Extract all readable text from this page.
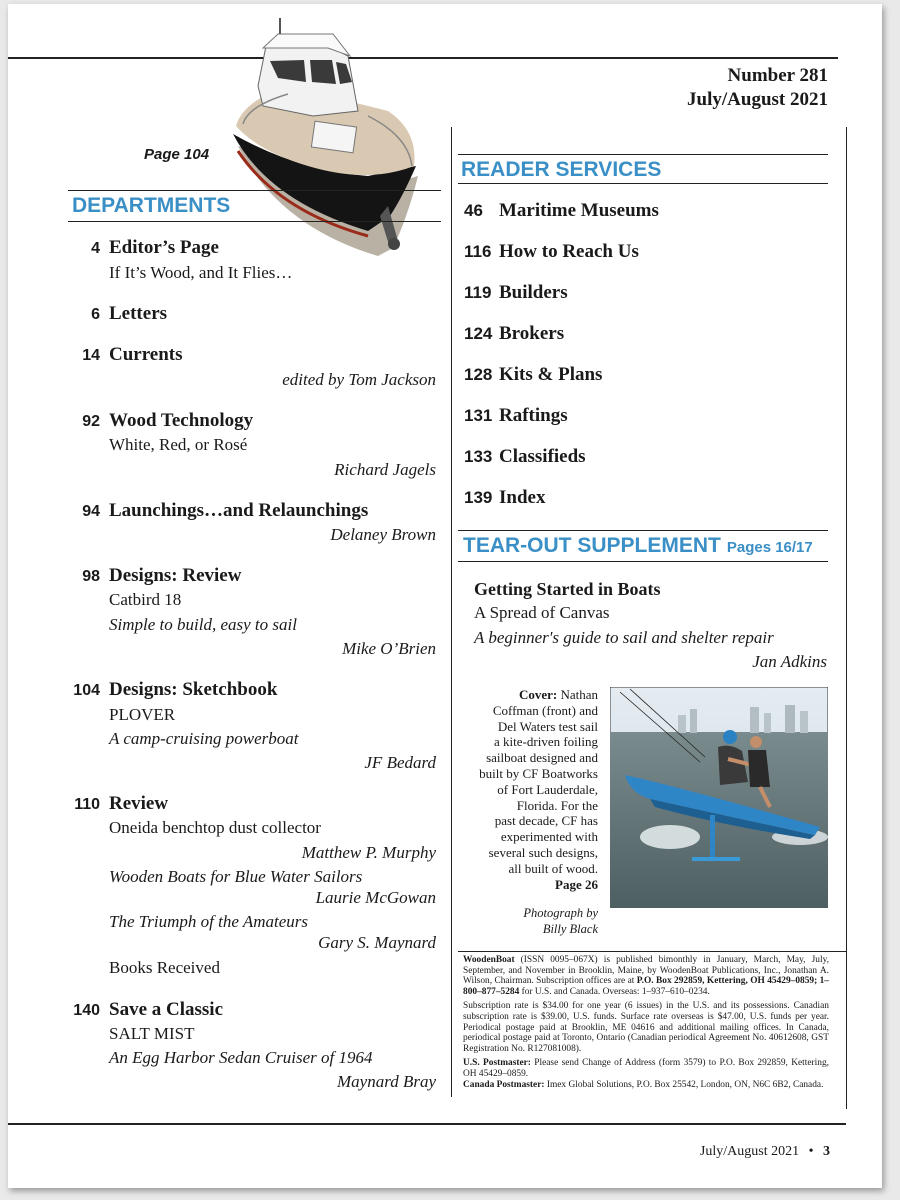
Number 281
July/August 2021
Page 104
DEPARTMENTS
4 Editor’s Page
If It’s Wood, and It Flies…
6 Letters
14 Currents
edited by Tom Jackson
92 Wood Technology
White, Red, or Rosé
Richard Jagels
94 Launchings…and Relaunchings
Delaney Brown
98 Designs: Review
Catbird 18
Simple to build, easy to sail
Mike O’Brien
104 Designs: Sketchbook
PLOVER
A camp-cruising powerboat
JF Bedard
110 Review
Oneida benchtop dust collector
Matthew P. Murphy
Wooden Boats for Blue Water Sailors
Laurie McGowan
The Triumph of the Amateurs
Gary S. Maynard
Books Received
140 Save a Classic
SALT MIST
An Egg Harbor Sedan Cruiser of 1964
Maynard Bray
READER SERVICES
46 Maritime Museums
116 How to Reach Us
119 Builders
124 Brokers
128 Kits & Plans
131 Raftings
133 Classifieds
139 Index
TEAR-OUT SUPPLEMENT Pages 16/17
Getting Started in Boats
A Spread of Canvas
A beginner's guide to sail and shelter repair
Jan Adkins
Cover: Nathan
Coffman (front) and
Del Waters test sail
a kite-driven foiling
sailboat designed and
built by CF Boatworks
of Fort Lauderdale,
Florida. For the
past decade, CF has
experimented with
several such designs,
all built of wood.
Page 26
Photograph by
Billy Black
WoodenBoat (ISSN 0095–067X) is published bimonthly in January, March, May, July, September, and November in Brooklin, Maine, by WoodenBoat Publications, Inc., Jonathan A. Wilson, Chairman. Subscription offices are at P.O. Box 292859, Kettering, OH 45429–0859; 1–800–877–5284 for U.S. and Canada. Overseas: 1–937–610–0234.
Subscription rate is $34.00 for one year (6 issues) in the U.S. and its possessions. Canadian subscription rate is $39.00, U.S. funds. Surface rate overseas is $47.00, U.S. funds per year. Periodical postage paid at Brooklin, ME 04616 and additional mailing offices. In Canada, periodical postage paid at Toronto, Ontario (Canadian periodical Agreement No. 40612608, GST Registration No. R127081008).
U.S. Postmaster: Please send Change of Address (form 3579) to P.O. Box 292859, Kettering, OH 45429–0859.
Canada Postmaster: Imex Global Solutions, P.O. Box 25542, London, ON, N6C 6B2, Canada.
July/August 2021 • 3
